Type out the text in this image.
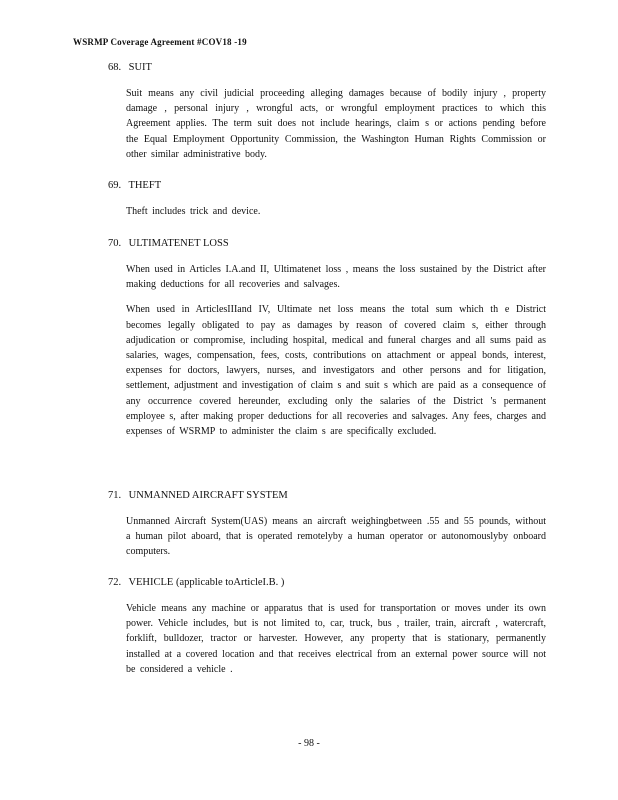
WSRMP Coverage Agreement #COV18 -19
68. SUIT
Suit means any civil judicial proceeding alleging damages because of bodily injury , property damage , personal injury , wrongful acts, or wrongful employment practices to which this Agreement applies. The term suit does not include hearings, claim s or actions pending before the Equal Employment Opportunity Commission, the Washington Human Rights Commission or other similar administrative body.
69. THEFT
Theft includes trick and device.
70. ULTIMATENET LOSS
When used in Articles I.A.and II, Ultimatenet loss , means the loss sustained by the District after making deductions for all recoveries and salvages.
When used in ArticlesIIIand IV, Ultimate net loss means the total sum which th e District becomes legally obligated to pay as damages by reason of covered claim s, either through adjudication or compromise, including hospital, medical and funeral charges and all sums paid as salaries, wages, compensation, fees, costs, contributions on attachment or appeal bonds, interest, expenses for doctors, lawyers, nurses, and investigators and other persons and for litigation, settlement, adjustment and investigation of claim s and suit s which are paid as a consequence of any occurrence covered hereunder, excluding only the salaries of the District 's permanent employee s, after making proper deductions for all recoveries and salvages. Any fees, charges and expenses of WSRMP to administer the claim s are specifically excluded.
71. UNMANNED AIRCRAFT SYSTEM
Unmanned Aircraft System(UAS) means an aircraft weighingbetween .55 and 55 pounds, without a human pilot aboard, that is operated remotelyby a human operator or autonomouslyby onboard computers.
72. VEHICLE (applicable toArticleI.B. )
Vehicle means any machine or apparatus that is used for transportation or moves under its own power. Vehicle includes, but is not limited to, car, truck, bus , trailer, train, aircraft , watercraft, forklift, bulldozer, tractor or harvester. However, any property that is stationary, permanently installed at a covered location and that receives electrical from an external power source will not be considered a vehicle .
- 98 -
